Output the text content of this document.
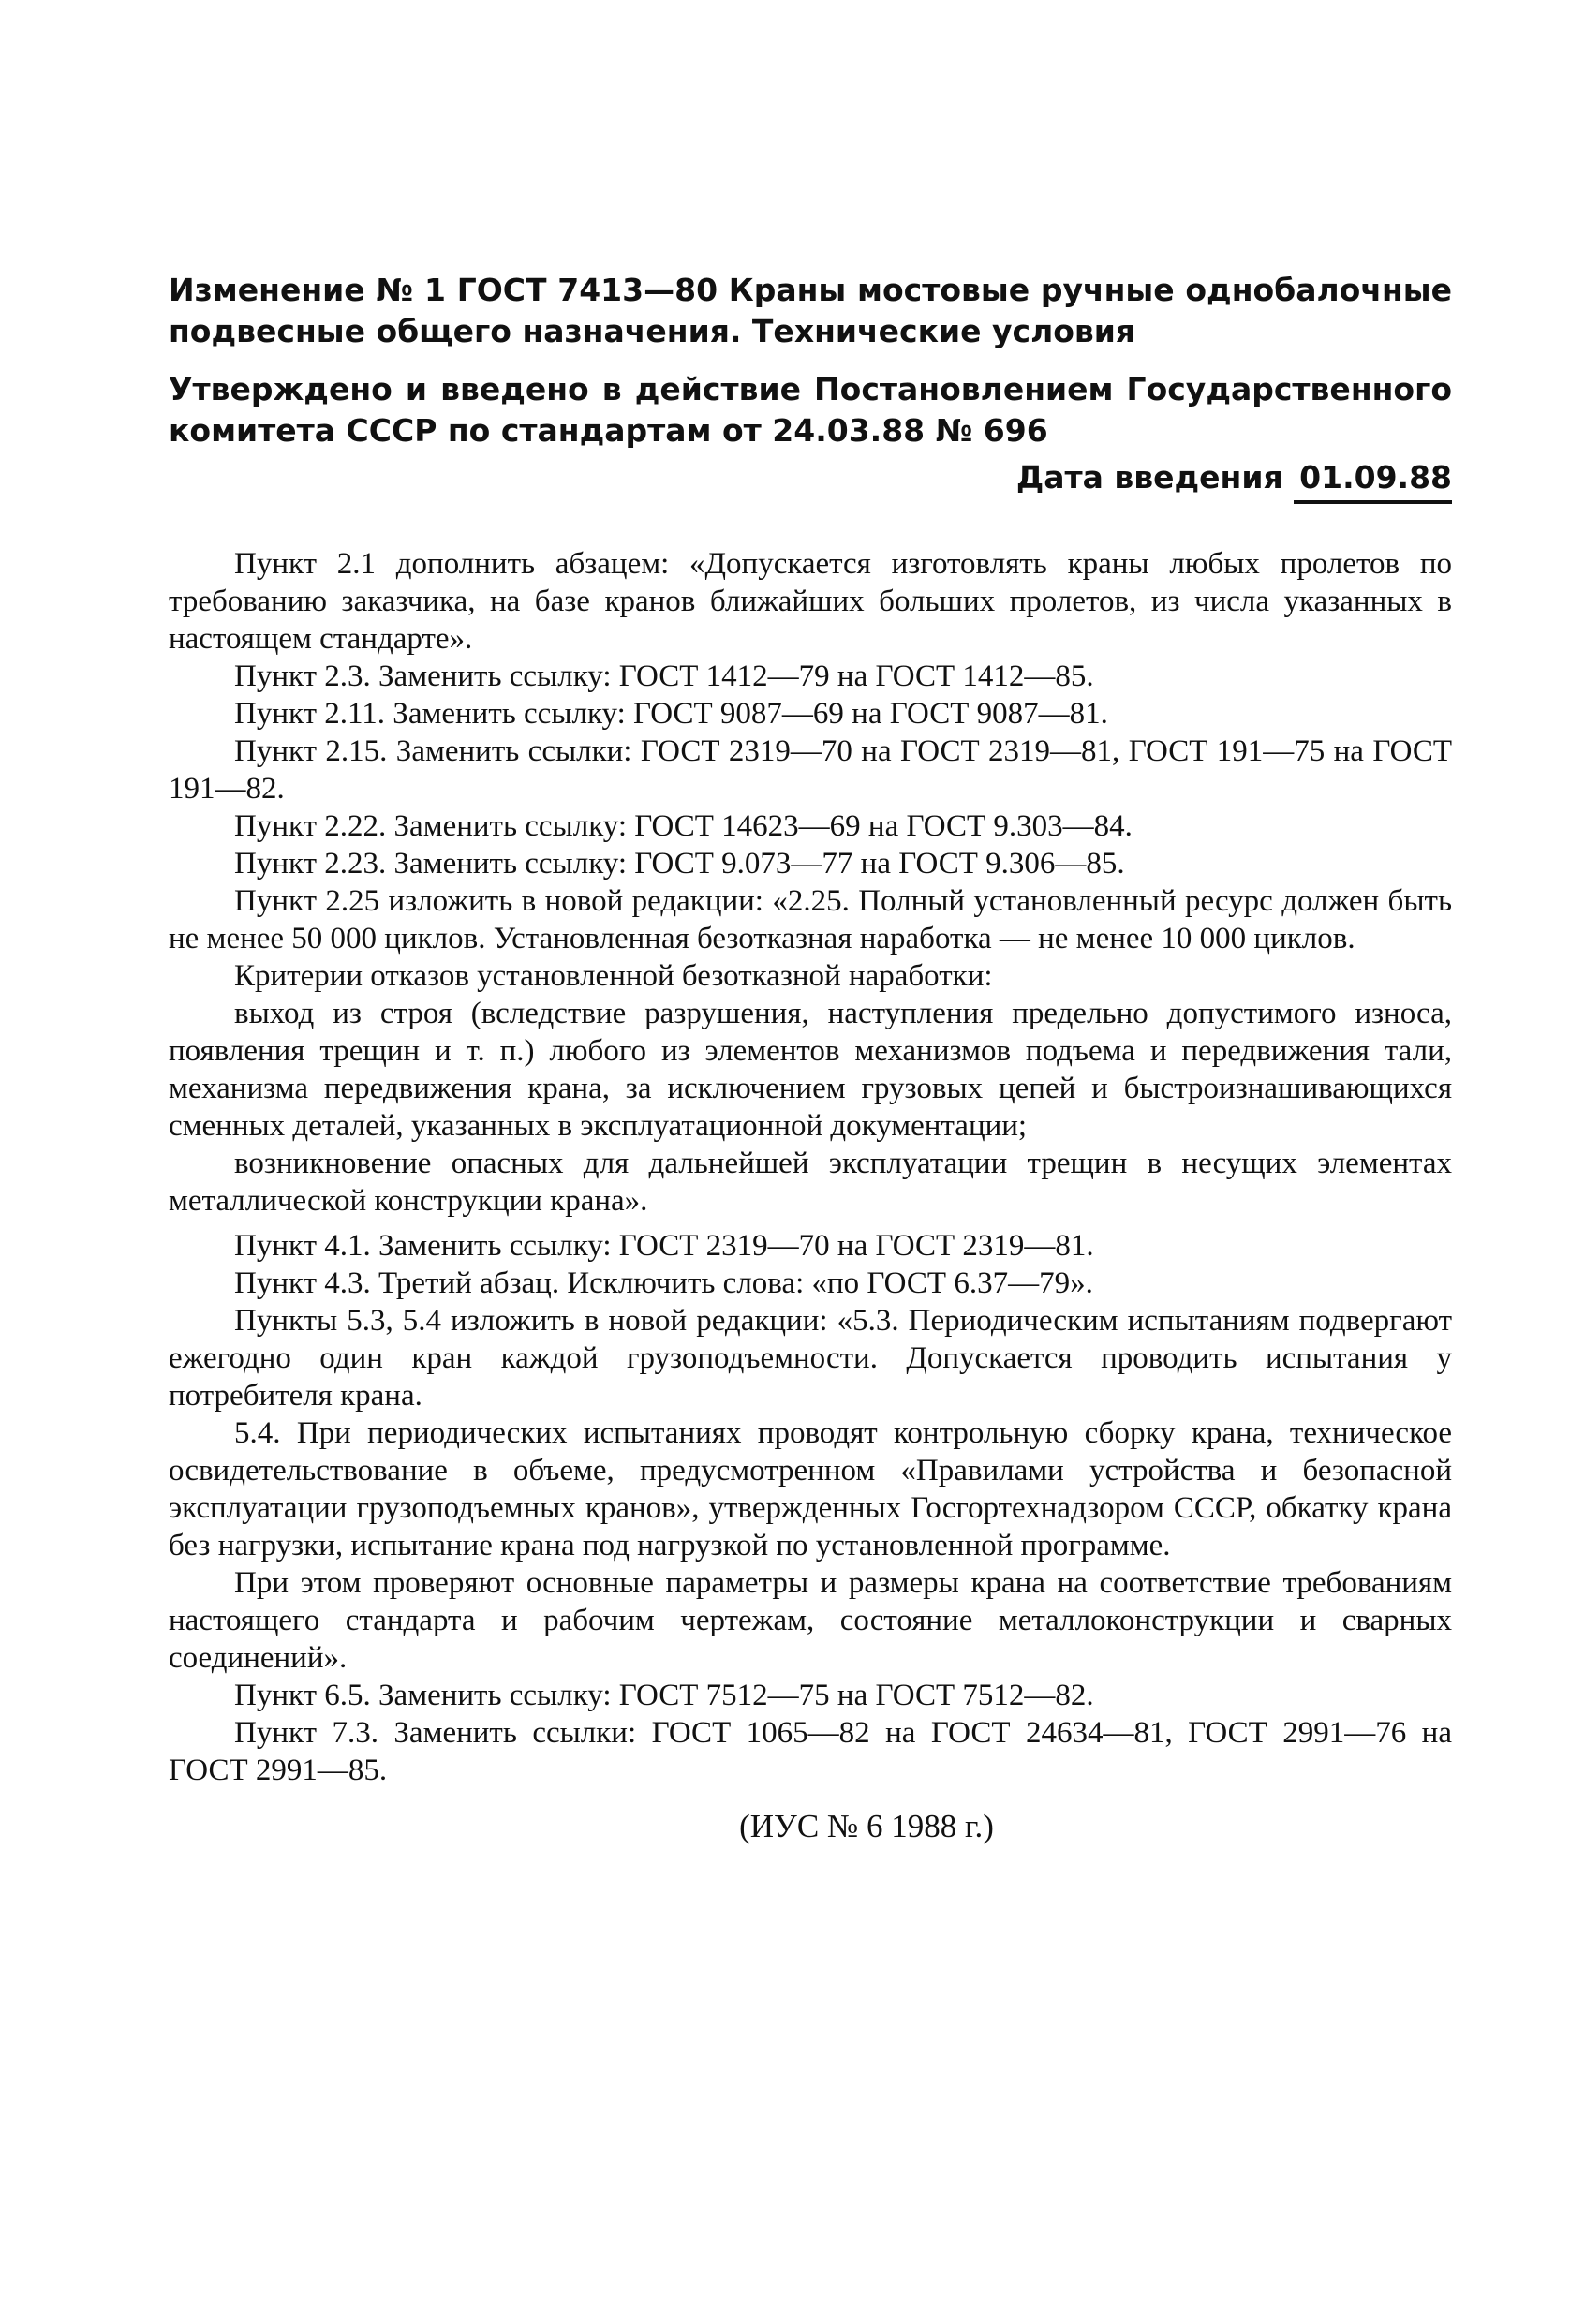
Изменение № 1 ГОСТ 7413—80 Краны мостовые ручные однобалочные подвесные общего назначения. Технические условия

Утверждено и введено в действие Постановлением Государственного комитета СССР по стандартам от 24.03.88 № 696

Дата введения 01.09.88

Пункт 2.1 дополнить абзацем: «Допускается изготовлять краны любых пролетов по требованию заказчика, на базе кранов ближайших больших пролетов, из числа указанных в настоящем стандарте».

Пункт 2.3. Заменить ссылку: ГОСТ 1412—79 на ГОСТ 1412—85.

Пункт 2.11. Заменить ссылку: ГОСТ 9087—69 на ГОСТ 9087—81.

Пункт 2.15. Заменить ссылки: ГОСТ 2319—70 на ГОСТ 2319—81, ГОСТ 191—75 на ГОСТ 191—82.

Пункт 2.22. Заменить ссылку: ГОСТ 14623—69 на ГОСТ 9.303—84.

Пункт 2.23. Заменить ссылку: ГОСТ 9.073—77 на ГОСТ 9.306—85.

Пункт 2.25 изложить в новой редакции: «2.25. Полный установленный ресурс должен быть не менее 50 000 циклов. Установленная безотказная наработка — не менее 10 000 циклов.

Критерии отказов установленной безотказной наработки:

выход из строя (вследствие разрушения, наступления предельно допустимого износа, появления трещин и т. п.) любого из элементов механизмов подъема и передвижения тали, механизма передвижения крана, за исключением грузовых цепей и быстроизнашивающихся сменных деталей, указанных в эксплуатационной документации;

возникновение опасных для дальнейшей эксплуатации трещин в несущих элементах металлической конструкции крана».

Пункт 4.1. Заменить ссылку: ГОСТ 2319—70 на ГОСТ 2319—81.

Пункт 4.3. Третий абзац. Исключить слова: «по ГОСТ 6.37—79».

Пункты 5.3, 5.4 изложить в новой редакции: «5.3. Периодическим испытаниям подвергают ежегодно один кран каждой грузоподъемности. Допускается проводить испытания у потребителя крана.

5.4. При периодических испытаниях проводят контрольную сборку крана, техническое освидетельствование в объеме, предусмотренном «Правилами устройства и безопасной эксплуатации грузоподъемных кранов», утвержденных Госгортехнадзором СССР, обкатку крана без нагрузки, испытание крана под нагрузкой по установленной программе.

При этом проверяют основные параметры и размеры крана на соответствие требованиям настоящего стандарта и рабочим чертежам, состояние металлоконструкции и сварных соединений».

Пункт 6.5. Заменить ссылку: ГОСТ 7512—75 на ГОСТ 7512—82.

Пункт 7.3. Заменить ссылки: ГОСТ 1065—82 на ГОСТ 24634—81, ГОСТ 2991—76 на ГОСТ 2991—85.

(ИУС № 6 1988 г.)
